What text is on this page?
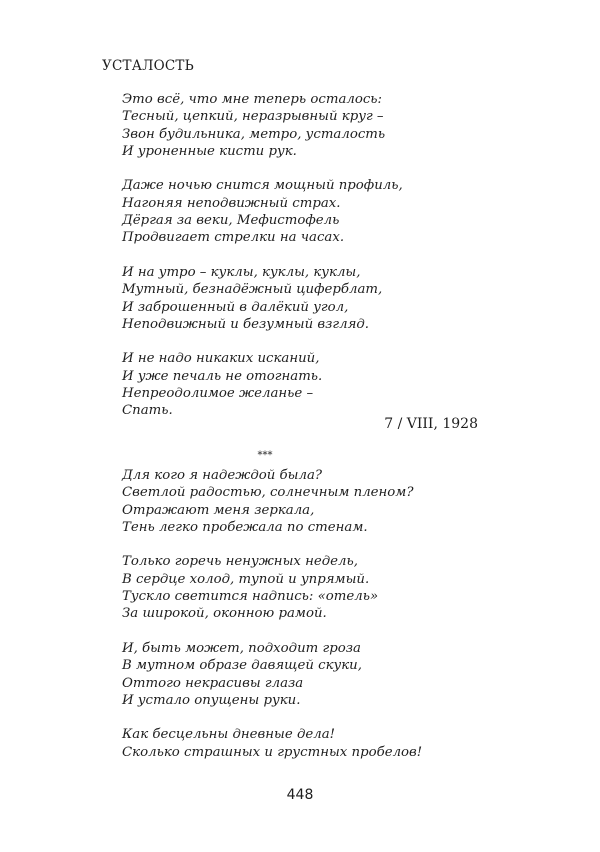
УСТАЛОСТЬ
Это всё, что мне теперь осталось:
Тесный, цепкий, неразрывный круг –
Звон будильника, метро, усталость
И уроненные кисти рук.
Даже ночью снится мощный профиль,
Нагоняя неподвижный страх.
Дёргая за веки, Мефистофель
Продвигает стрелки на часах.
И на утро – куклы, куклы, куклы,
Мутный, безнадёжный циферблат,
И заброшенный в далёкий угол,
Неподвижный и безумный взгляд.
И не надо никаких исканий,
И уже печаль не отогнать.
Непреодолимое желанье –
Спать.
7 / VIII, 1928
***
Для кого я надеждой была?
Светлой радостью, солнечным пленом?
Отражают меня зеркала,
Тень легко пробежала по стенам.
Только горечь ненужных недель,
В сердце холод, тупой и упрямый.
Тускло светится надпись: «отель»
За широкой, оконною рамой.
И, быть может, подходит гроза
В мутном образе давящей скуки,
Оттого некрасивы глаза
И устало опущены руки.
Как бесцельны дневные дела!
Сколько страшных и грустных пробелов!
448
